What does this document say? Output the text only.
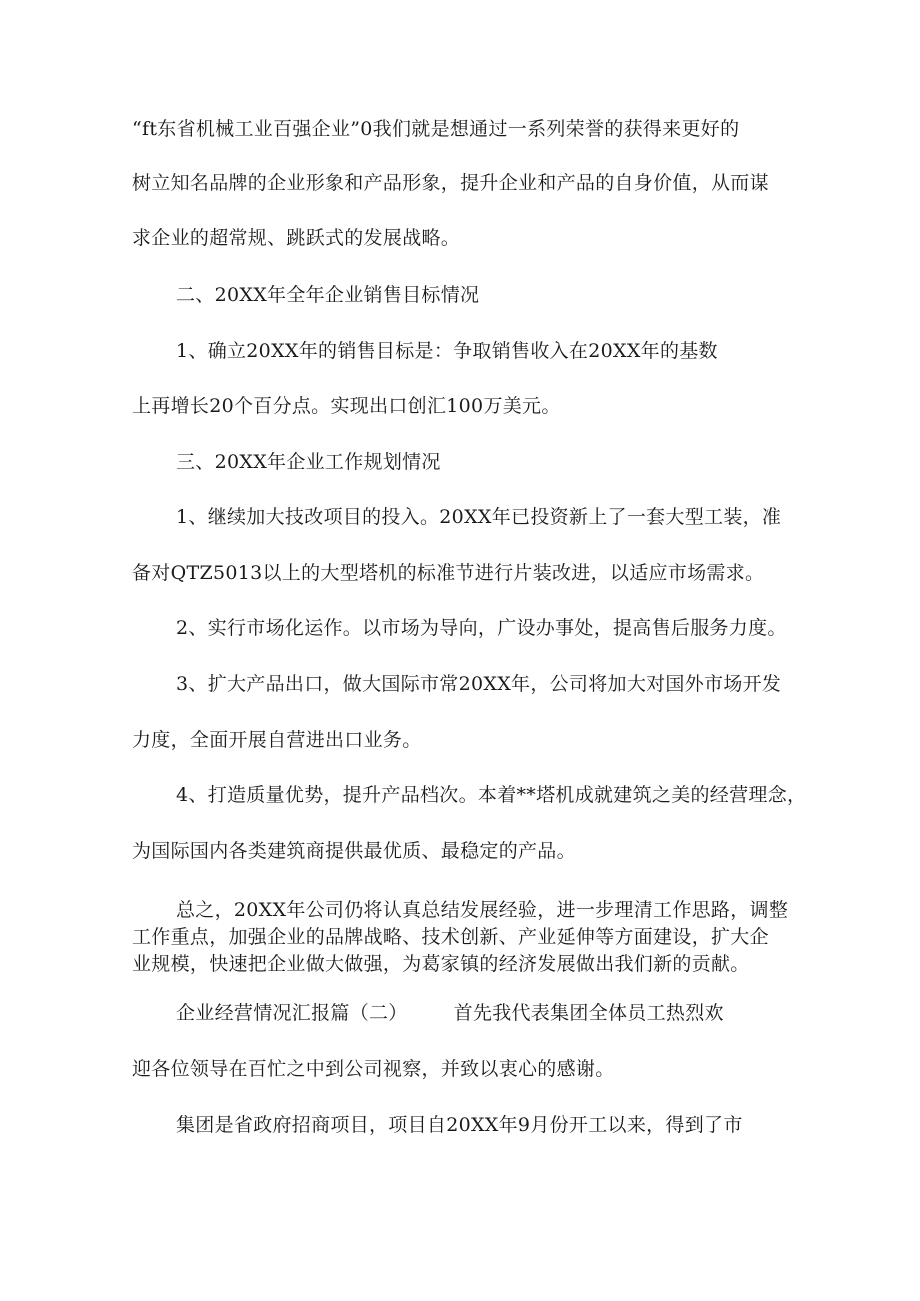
“ft东省机械工业百强企业”0我们就是想通过一系列荣誉的获得来更好的
树立知名品牌的企业形象和产品形象，提升企业和产品的自身价值，从而谋
求企业的超常规、跳跃式的发展战略。
二、20XX年全年企业销售目标情况
1、确立20XX年的销售目标是：争取销售收入在20XX年的基数
上再增长20个百分点。实现出口创汇100万美元。
三、20XX年企业工作规划情况
1、继续加大技改项目的投入。20XX年已投资新上了一套大型工装，准
备对QTZ5013以上的大型塔机的标准节进行片装改进，以适应市场需求。
2、实行市场化运作。以市场为导向，广设办事处，提高售后服务力度。
3、扩大产品出口，做大国际市常20XX年，公司将加大对国外市场开发
力度，全面开展自营进出口业务。
4、打造质量优势，提升产品档次。本着**塔机成就建筑之美的经营理念，
为国际国内各类建筑商提供最优质、最稳定的产品。
总之，20XX年公司仍将认真总结发展经验，进一步理清工作思路，调整
工作重点，加强企业的品牌战略、技术创新、产业延伸等方面建设，扩大企
业规模，快速把企业做大做强，为葛家镇的经济发展做出我们新的贡献。
企业经营情况汇报篇（二） 首先我代表集团全体员工热烈欢
迎各位领导在百忙之中到公司视察，并致以衷心的感谢。
集团是省政府招商项目，项目自20XX年9月份开工以来，得到了市
